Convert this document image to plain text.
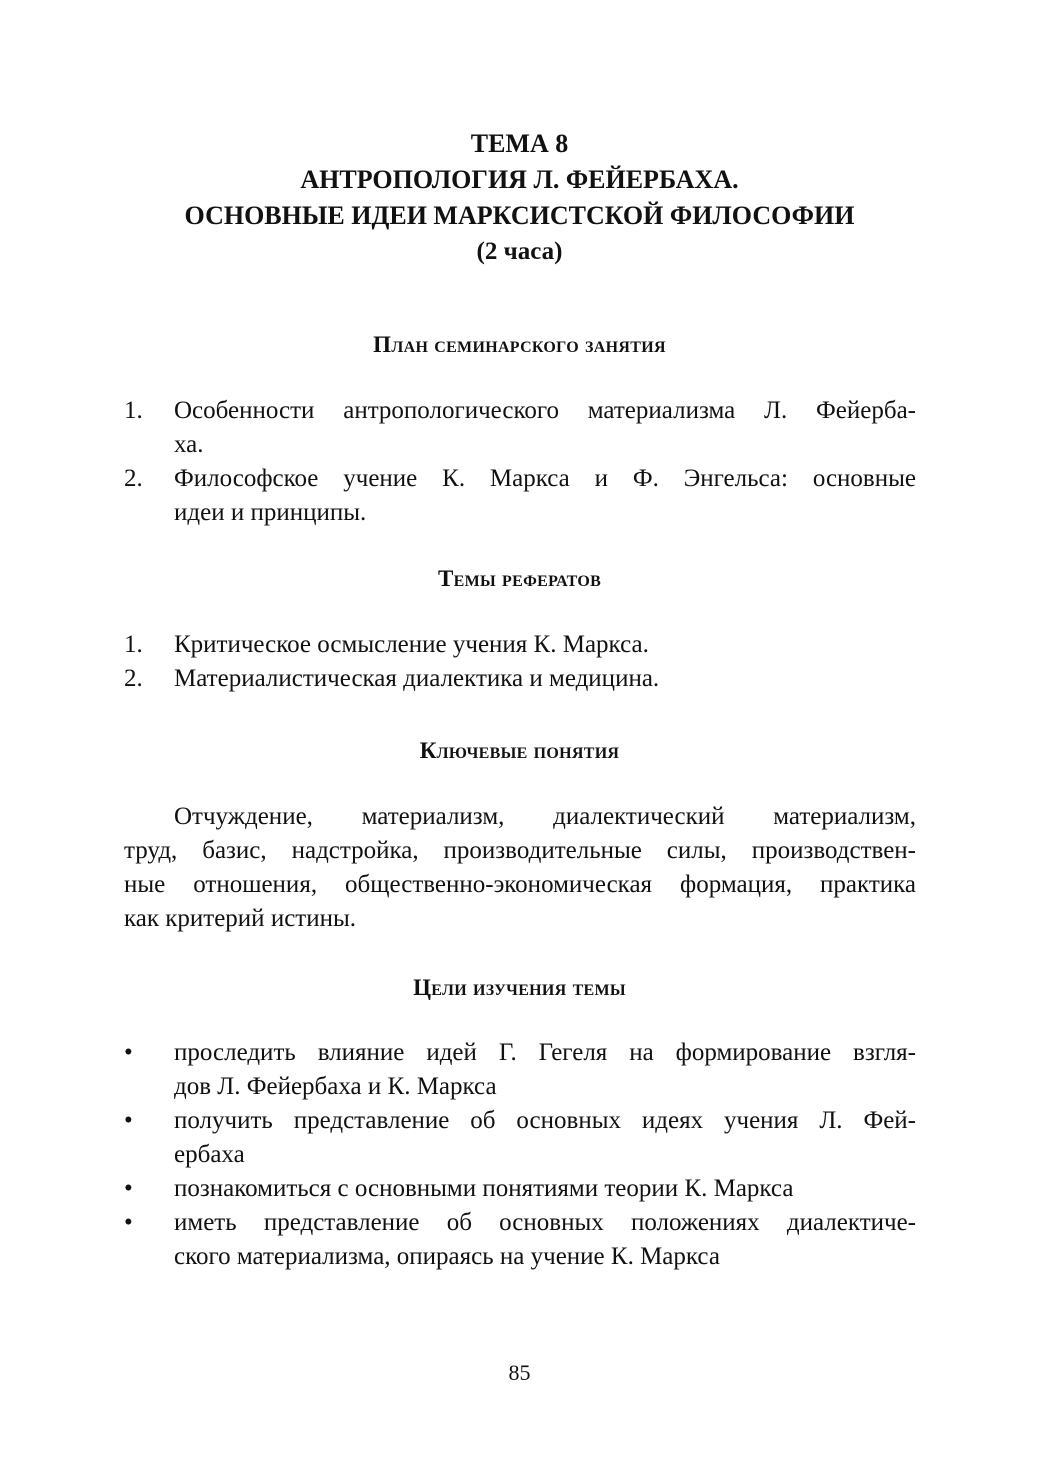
ТЕМА 8
АНТРОПОЛОГИЯ Л. ФЕЙЕРБАХА.
ОСНОВНЫЕ ИДЕИ МАРКСИСТСКОЙ ФИЛОСОФИИ
(2 часа)
План семинарского занятия
1.	Особенности антропологического материализма Л. Фейерба-
ха.
2.	Философское учение К. Маркса и Ф. Энгельса: основные
идеи и принципы.
Темы рефератов
1.	Критическое осмысление учения К. Маркса.
2.	Материалистическая диалектика и медицина.
Ключевые понятия
Отчуждение, материализм, диалектический материализм,
труд, базис, надстройка, производительные силы, производствен-
ные отношения, общественно-экономическая формация, практика
как критерий истины.
Цели изучения темы
•	проследить влияние идей Г. Гегеля на формирование взгля-
дов Л. Фейербаха и К. Маркса
•	получить представление об основных идеях учения Л. Фей-
ербаха
•	познакомиться с основными понятиями теории К. Маркса
•	иметь представление об основных положениях диалектиче-
ского материализма, опираясь на учение К. Маркса
85
